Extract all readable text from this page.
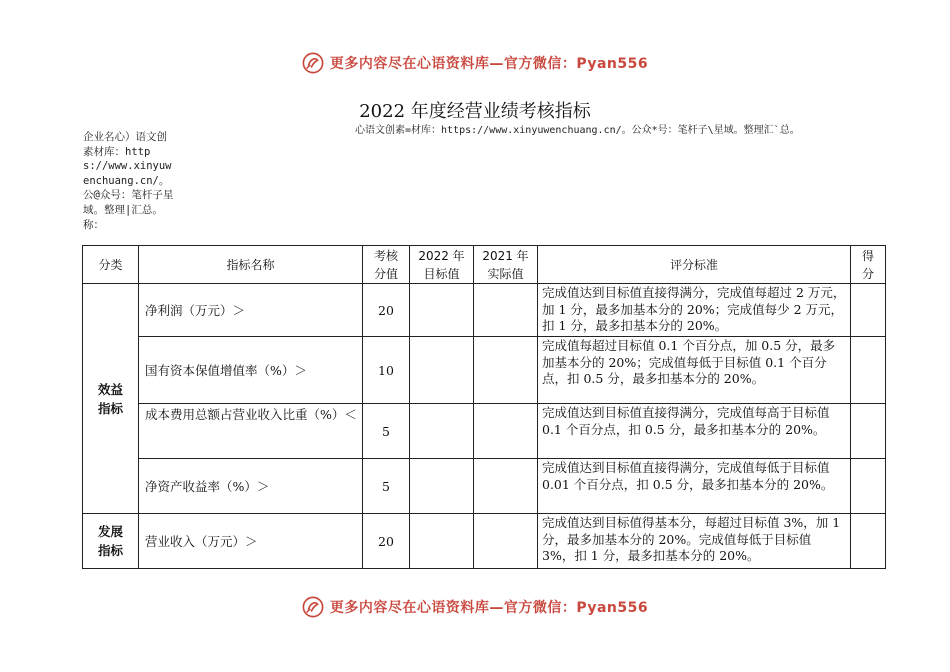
更多内容尽在心语资料库—官方微信：Pyan556
2022 年度经营业绩考核指标
心语文创素=材库：https://www.xinyuwenchuang.cn/。公众*号：笔杆子\星域。整理汇`总。
企业名心）语文创素材库：https://www.xinyuwenchuang.cn/。公@众号：笔杆子星域。整理|汇总。称：
分类	指标名称	考核分值	2022 年目标值	2021 年实际值	评分标准	得分

效益指标	净利润（万元）＞	20			完成值达到目标值直接得满分，完成值每超过 2 万元，加 1 分，最多加基本分的 20%；完成值每少 2 万元，扣 1 分，最多扣基本分的 20%。	
	国有资本保值增值率（%）＞	10			完成值每超过目标值 0.1 个百分点，加 0.5 分，最多加基本分的 20%；完成值每低于目标值 0.1 个百分点，扣 0.5 分，最多扣基本分的 20%。	
	成本费用总额占营业收入比重（%）＜	5			完成值达到目标值直接得满分，完成值每高于目标值 0.1 个百分点，扣 0.5 分，最多扣基本分的 20%。	
	净资产收益率（%）＞	5			完成值达到目标值直接得满分，完成值每低于目标值 0.01 个百分点，扣 0.5 分，最多扣基本分的 20%。	

发展指标	营业收入（万元）＞	20			完成值达到目标值得基本分，每超过目标值 3%，加 1 分，最多加基本分的 20%。完成值每低于目标值 3%，扣 1 分，最多扣基本分的 20%。	
更多内容尽在心语资料库—官方微信：Pyan556
